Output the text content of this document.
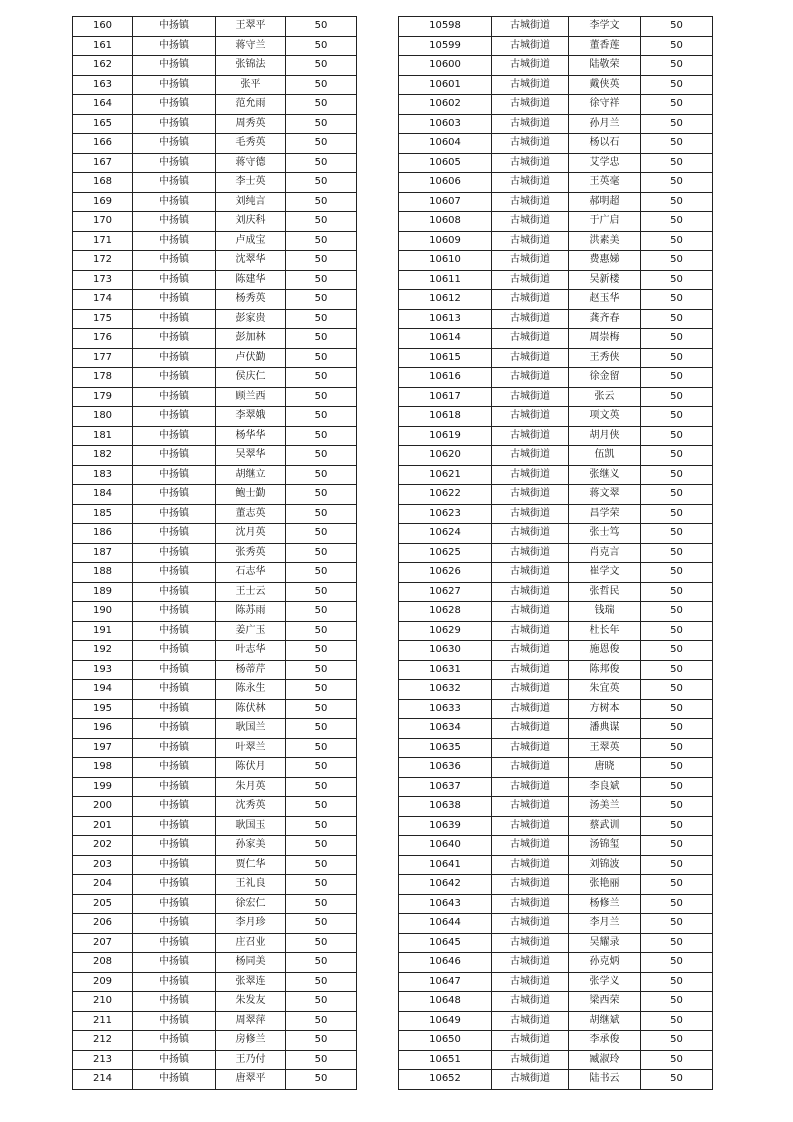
160	中扬镇	王翠平	50
161	中扬镇	蒋守兰	50
162	中扬镇	张锦法	50
163	中扬镇	张平	50
164	中扬镇	范允雨	50
165	中扬镇	周秀英	50
166	中扬镇	毛秀英	50
167	中扬镇	蒋守德	50
168	中扬镇	李士英	50
169	中扬镇	刘纯言	50
170	中扬镇	刘庆科	50
171	中扬镇	卢成宝	50
172	中扬镇	沈翠华	50
173	中扬镇	陈建华	50
174	中扬镇	杨秀英	50
175	中扬镇	彭家贵	50
176	中扬镇	彭加林	50
177	中扬镇	卢伏勤	50
178	中扬镇	侯庆仁	50
179	中扬镇	顾兰西	50
180	中扬镇	李翠娥	50
181	中扬镇	杨华华	50
182	中扬镇	吴翠华	50
183	中扬镇	胡继立	50
184	中扬镇	鲍士勤	50
185	中扬镇	董志英	50
186	中扬镇	沈月英	50
187	中扬镇	张秀英	50
188	中扬镇	石志华	50
189	中扬镇	王士云	50
190	中扬镇	陈苏雨	50
191	中扬镇	姜广玉	50
192	中扬镇	叶志华	50
193	中扬镇	杨蒂芹	50
194	中扬镇	陈永生	50
195	中扬镇	陈伏林	50
196	中扬镇	耿国兰	50
197	中扬镇	叶翠兰	50
198	中扬镇	陈伏月	50
199	中扬镇	朱月英	50
200	中扬镇	沈秀英	50
201	中扬镇	耿国玉	50
202	中扬镇	孙家美	50
203	中扬镇	贾仁华	50
204	中扬镇	王礼良	50
205	中扬镇	徐宏仁	50
206	中扬镇	李月珍	50
207	中扬镇	庄召业	50
208	中扬镇	杨同美	50
209	中扬镇	张翠连	50
210	中扬镇	朱发友	50
211	中扬镇	周翠萍	50
212	中扬镇	房修兰	50
213	中扬镇	王乃付	50
214	中扬镇	唐翠平	50
10598	古城街道	李学文	50
10599	古城街道	董香莲	50
10600	古城街道	陆敬荣	50
10601	古城街道	戴侠英	50
10602	古城街道	徐守祥	50
10603	古城街道	孙月兰	50
10604	古城街道	杨以石	50
10605	古城街道	艾学忠	50
10606	古城街道	王英毫	50
10607	古城街道	郝明超	50
10608	古城街道	于广启	50
10609	古城街道	洪素美	50
10610	古城街道	费惠娣	50
10611	古城街道	吴新楼	50
10612	古城街道	赵玉华	50
10613	古城街道	龚齐春	50
10614	古城街道	周崇梅	50
10615	古城街道	王秀侠	50
10616	古城街道	徐金留	50
10617	古城街道	张云	50
10618	古城街道	项文英	50
10619	古城街道	胡月侠	50
10620	古城街道	伍凯	50
10621	古城街道	张继义	50
10622	古城街道	蒋文翠	50
10623	古城街道	昌学荣	50
10624	古城街道	张士笃	50
10625	古城街道	肖克言	50
10626	古城街道	崔学文	50
10627	古城街道	张哲民	50
10628	古城街道	钱瑞	50
10629	古城街道	杜长年	50
10630	古城街道	施恩俊	50
10631	古城街道	陈邦俊	50
10632	古城街道	朱宜英	50
10633	古城街道	方树本	50
10634	古城街道	潘典谋	50
10635	古城街道	王翠英	50
10636	古城街道	唐晓	50
10637	古城街道	李良斌	50
10638	古城街道	汤美兰	50
10639	古城街道	蔡武训	50
10640	古城街道	汤锦玺	50
10641	古城街道	刘锦波	50
10642	古城街道	张艳丽	50
10643	古城街道	杨修兰	50
10644	古城街道	李月兰	50
10645	古城街道	吴耀录	50
10646	古城街道	孙克炳	50
10647	古城街道	张学义	50
10648	古城街道	梁西荣	50
10649	古城街道	胡继斌	50
10650	古城街道	李承俊	50
10651	古城街道	臧淑玲	50
10652	古城街道	陆书云	50
